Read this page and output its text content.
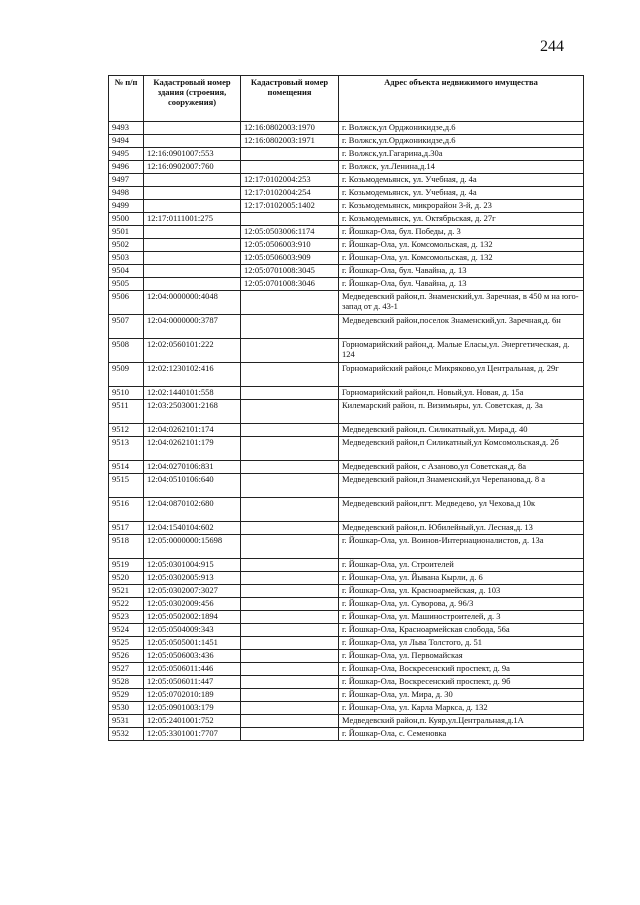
244
№ п/п	Кадастровый номер здания (строения, сооружения)	Кадастровый номер помещения	Адрес объекта недвижимого имущества
9493		12:16:0802003:1970	г. Волжск,ул Орджоникидзе,д.6
9494		12:16:0802003:1971	г. Волжск,ул.Орджоникидзе,д.6
9495	12:16:0901007:553		г. Волжск,ул.Гагарина,д.30а
9496	12:16:0902007:760		г. Волжск, ул.Ленина,д.14
9497		12:17:0102004:253	г. Козьмодемьянск, ул. Учебная, д. 4а
9498		12:17:0102004:254	г. Козьмодемьянск, ул. Учебная, д. 4а
9499		12:17:0102005:1402	г. Козьмодемьянск, микрорайон 3-й, д. 23
9500	12:17:0111001:275		г. Козьмодемьянск, ул. Октябрьская, д. 27г
9501		12:05:0503006:1174	г. Йошкар-Ола, бул. Победы, д. 3
9502		12:05:0506003:910	г. Йошкар-Ола, ул. Комсомольская, д. 132
9503		12:05:0506003:909	г. Йошкар-Ола, ул. Комсомольская, д. 132
9504		12:05:0701008:3045	г. Йошкар-Ола, бул. Чавайна, д. 13
9505		12:05:0701008:3046	г. Йошкар-Ола, бул. Чавайна, д. 13
9506	12:04:0000000:4048		Медведевский район,п. Знаменский,ул. Заречная, в 450 м на юго-запад от д. 43-1
9507	12:04:0000000:3787		Медведевский район,поселок Знаменский,ул. Заречная,д. 6н
9508	12:02:0560101:222		Горномарийский район,д. Малые Еласы,ул. Энергетическая, д. 124
9509	12:02:1230102:416		Горномарийский район,с Микряково,ул Центральная, д. 29г
9510	12:02:1440101:558		Горномарийский район,п. Новый,ул. Новая, д. 15а
9511	12:03:2503001:2168		Килемарский район, п. Визимьяры, ул. Советская, д. 3а
9512	12:04:0262101:174		Медведевский район,п. Силикатный,ул. Мира,д. 40
9513	12:04:0262101:179		Медведевский район,п Силикатный,ул Комсомольская,д. 2б
9514	12:04:0270106:831		Медведевский район, с Азаново,ул Советская,д. 8а
9515	12:04:0510106:640		Медведевский район,п Знаменский,ул Черепанова,д. 8 а
9516	12:04:0870102:680		Медведевский район,пгт. Медведево, ул Чехова,д 10к
9517	12:04:1540104:602		Медведевский район,п. Юбилейный,ул. Лесная,д. 13
9518	12:05:0000000:15698		г. Йошкар-Ола, ул. Воинов-Интернационалистов, д. 13а
9519	12:05:0301004:915		г. Йошкар-Ола, ул. Строителей
9520	12:05:0302005:913		г. Йошкар-Ола, ул. Йывана Кырли, д. 6
9521	12:05:0302007:3027		г. Йошкар-Ола, ул. Красноармейская, д. 103
9522	12:05:0302009:456		г. Йошкар-Ола, ул. Суворова, д. 96/3
9523	12:05:0502002:1894		г. Йошкар-Ола, ул. Машиностроителей, д. 3
9524	12:05:0504009:343		г. Йошкар-Ола, Красноармейская слобода, 56а
9525	12:05:0505001:1451		г. Йошкар-Ола, ул Льва Толстого, д. 51
9526	12:05:0506003:436		г. Йошкар-Ола, ул. Первомайская
9527	12:05:0506011:446		г. Йошкар-Ола, Воскресенский проспект, д. 9а
9528	12:05:0506011:447		г. Йошкар-Ола, Воскресенский проспект, д. 9б
9529	12:05:0702010:189		г. Йошкар-Ола, ул. Мира, д. 30
9530	12:05:0901003:179		г. Йошкар-Ола, ул. Карла Маркса, д. 132
9531	12:05:2401001:752		Медведевский район,п. Куяр,ул.Центральная,д.1А
9532	12:05:3301001:7707		г. Йошкар-Ола, с. Семеновка
